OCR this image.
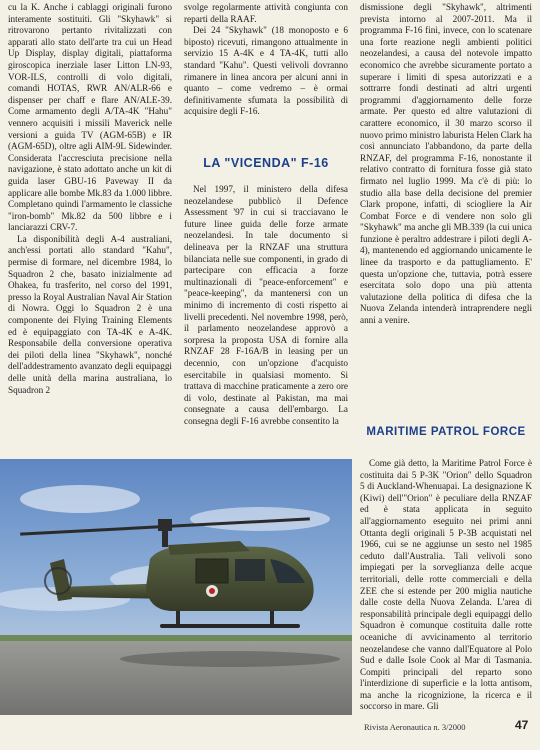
cu la K. Anche i cablaggi originali furono interamente sostituiti. Gli "Skyhawk" si ritrovarono pertanto rivitalizzati con apparati allo stato dell'arte tra cui un Head Up Display, display digitali, piattaforma giroscopica inerziale laser Litton LN-93, VOR-ILS, controlli di volo digitali, comandi HOTAS, RWR AN/ALR-66 e dispenser per chaff e flare AN/ALE-39. Come armamento degli A/TA-4K "Hahu" vennero acquisiti i missili Maverick nelle versioni a guida TV (AGM-65B) e IR (AGM-65D), oltre agli AIM-9L Sidewinder. Considerata l'accresciuta precisione nella navigazione, è stato adottato anche un kit di guida laser GBU-16 Paveway II da applicare alle bombe Mk.83 da 1.000 libbre. Completano quindi l'armamento le classiche "iron-bomb" Mk.82 da 500 libbre e i lanciarazzi CRV-7.

La disponibilità degli A-4 australiani, anch'essi portati allo standard "Kahu", permise di formare, nel dicembre 1984, lo Squadron 2 che, basato inizialmente ad Ohakea, fu trasferito, nel corso del 1991, presso la Royal Australian Naval Air Station di Nowra. Oggi lo Squadron 2 è una componente dei Flying Training Elements ed è equipaggiato con TA-4K e A-4K. Responsabile della conversione operativa dei piloti della linea "Skyhawk", nonché dell'addestramento avanzato degli equipaggi delle unità della marina australiana, lo Squadron 2

svolge regolarmente attività congiunta con reparti della RAAF.

Dei 24 "Skyhawk" (18 monoposto e 6 biposto) ricevuti, rimangono attualmente in servizio 15 A-4K e 4 TA-4K, tutti allo standard "Kahu". Questi velivoli dovranno rimanere in linea ancora per alcuni anni in quanto – come vedremo – è ormai definitivamente sfumata la possibilità di acquisire degli F-16.

LA "VICENDA" F-16

Nel 1997, il ministero della difesa neozelandese pubblicò il Defence Assessment '97 in cui si tracciavano le future linee guida delle forze armate neozelandesi. In tale documento si delineava per la RNZAF una struttura bilanciata nelle sue componenti, in grado di partecipare con efficacia a forze multinazionali di "peace-enforcement" e "peace-keeping", da mantenersi con un minimo di incremento di costi rispetto ai livelli precedenti. Nel novembre 1998, però, il parlamento neozelandese approvò a sorpresa la proposta USA di fornire alla RNZAF 28 F-16A/B in leasing per un decennio, con un'opzione d'acquisto esercitabile in qualsiasi momento. Si trattava di macchine praticamente a zero ore di volo, destinate al Pakistan, ma mai consegnate a causa dell'embargo. La consegna degli F-16 avrebbe consentito la

dismissione degli "Skyhawk", altrimenti prevista intorno al 2007-2011. Ma il programma F-16 finì, invece, con lo scatenare una forte reazione negli ambienti politici neozelandesi, a causa del notevole impatto economico che avrebbe sicuramente portato a superare i limiti di spesa autorizzati e a sottrarre fondi destinati ad altri urgenti programmi d'aggiornamento delle forze armate. Per questo ed altre valutazioni di carattere economico, il 30 marzo scorso il nuovo primo ministro laburista Helen Clark ha così annunciato l'abbandono, da parte della RNZAF, del programma F-16, nonostante il relativo contratto di fornitura fosse già stato firmato nel luglio 1999. Ma c'è di più: lo studio alla base della decisione del premier Clark propone, infatti, di sciogliere la Air Combat Force e di vendere non solo gli "Skyhawk" ma anche gli MB.339 (la cui unica funzione è peraltro addestrare i piloti degli A-4), mantenendo ed aggiornando unicamente le linee da trasporto e da pattugliamento. E' questa un'opzione che, tuttavia, potrà essere esercitata solo dopo una più attenta valutazione della politica di difesa che la Nuova Zelanda intenderà intraprendere negli anni a venire.

MARITIME PATROL FORCE

Come già detto, la Maritime Patrol Force è costituita dai 5 P-3K "Orion" dello Squadron 5 di Auckland-Whenuapai. La designazione K (Kiwi) dell'"Orion" è peculiare della RNZAF ed è stata applicata in seguito all'aggiornamento eseguito nei primi anni Ottanta degli originali 5 P-3B acquistati nel 1966, cui se ne aggiunse un sesto nel 1985 ceduto dall'Australia. Tali velivoli sono impiegati per la sorveglianza delle acque territoriali, delle rotte commerciali e della ZEE che si estende per 200 miglia nautiche dalle coste della Nuova Zelanda. L'area di responsabilità principale degli equipaggi dello Squadron è comunque costituita dalle rotte oceaniche di avvicinamento al territorio neozelandese che vanno dall'Equatore al Polo Sud e dalle Isole Cook al Mar di Tasmania. Compiti principali del reparto sono l'interdizione di superficie e la lotta antisom, ma anche la ricognizione, la ricerca e il soccorso in mare. Gli

Rivista Aeronautica n. 3/2000	47
